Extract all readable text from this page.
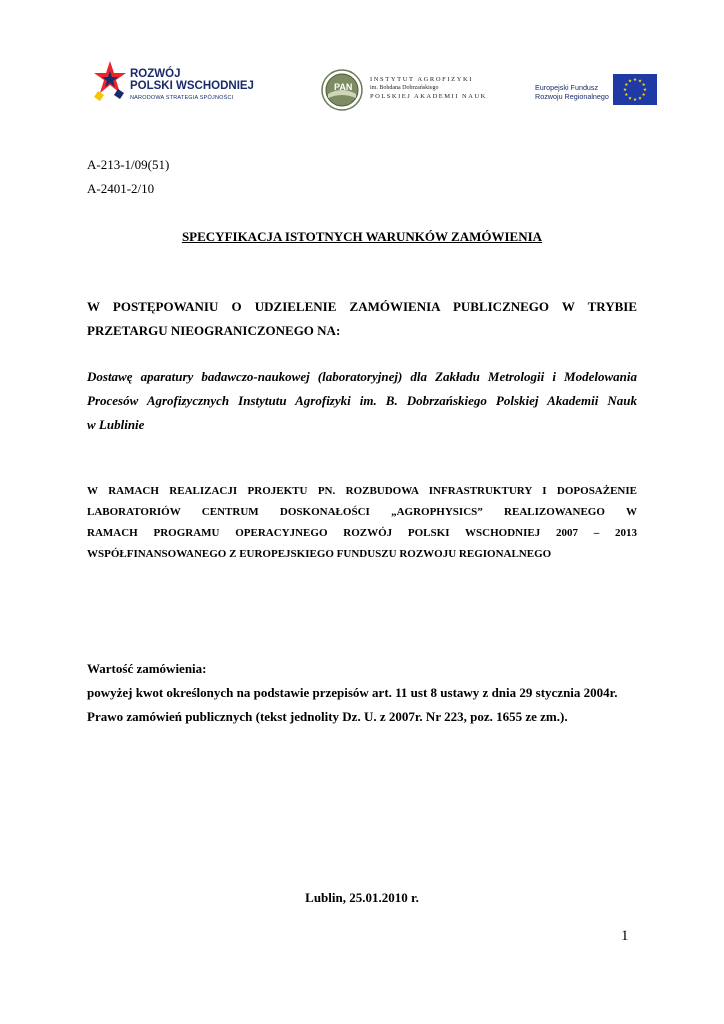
ROZWÓJ
POLSKI WSCHODNIEJ
NARODOWA STRATEGIA SPÓJNOŚCI
PAN
INSTYTUT AGROFIZYKI
im. Bohdana Dobrzańskiego
POLSKIEJ AKADEMII NAUK
Europejski Fundusz
Rozwoju Regionalnego
A-213-1/09(51)
A-2401-2/10
SPECYFIKACJA ISTOTNYCH WARUNKÓW ZAMÓWIENIA
W POSTĘPOWANIU O UDZIELENIE ZAMÓWIENIA PUBLICZNEGO W TRYBIE
PRZETARGU NIEOGRANICZONEGO NA:
Dostawę aparatury badawczo-naukowej (laboratoryjnej) dla Zakładu Metrologii i Modelowania
Procesów Agrofizycznych Instytutu Agrofizyki im. B. Dobrzańskiego Polskiej Akademii Nauk
w Lublinie
W RAMACH REALIZACJI PROJEKTU PN. ROZBUDOWA INFRASTRUKTURY I DOPOSAŻENIE
LABORATORIÓW CENTRUM DOSKONAŁOŚCI „AGROPHYSICS” REALIZOWANEGO W
RAMACH PROGRAMU OPERACYJNEGO ROZWÓJ POLSKI WSCHODNIEJ 2007 – 2013
WSPÓŁFINANSOWANEGO Z EUROPEJSKIEGO FUNDUSZU ROZWOJU REGIONALNEGO
Wartość zamówienia:
powyżej kwot określonych na podstawie przepisów art. 11 ust 8 ustawy z dnia 29 stycznia 2004r.
Prawo zamówień publicznych (tekst jednolity Dz. U. z 2007r. Nr 223, poz. 1655 ze zm.).
Lublin, 25.01.2010 r.
1
